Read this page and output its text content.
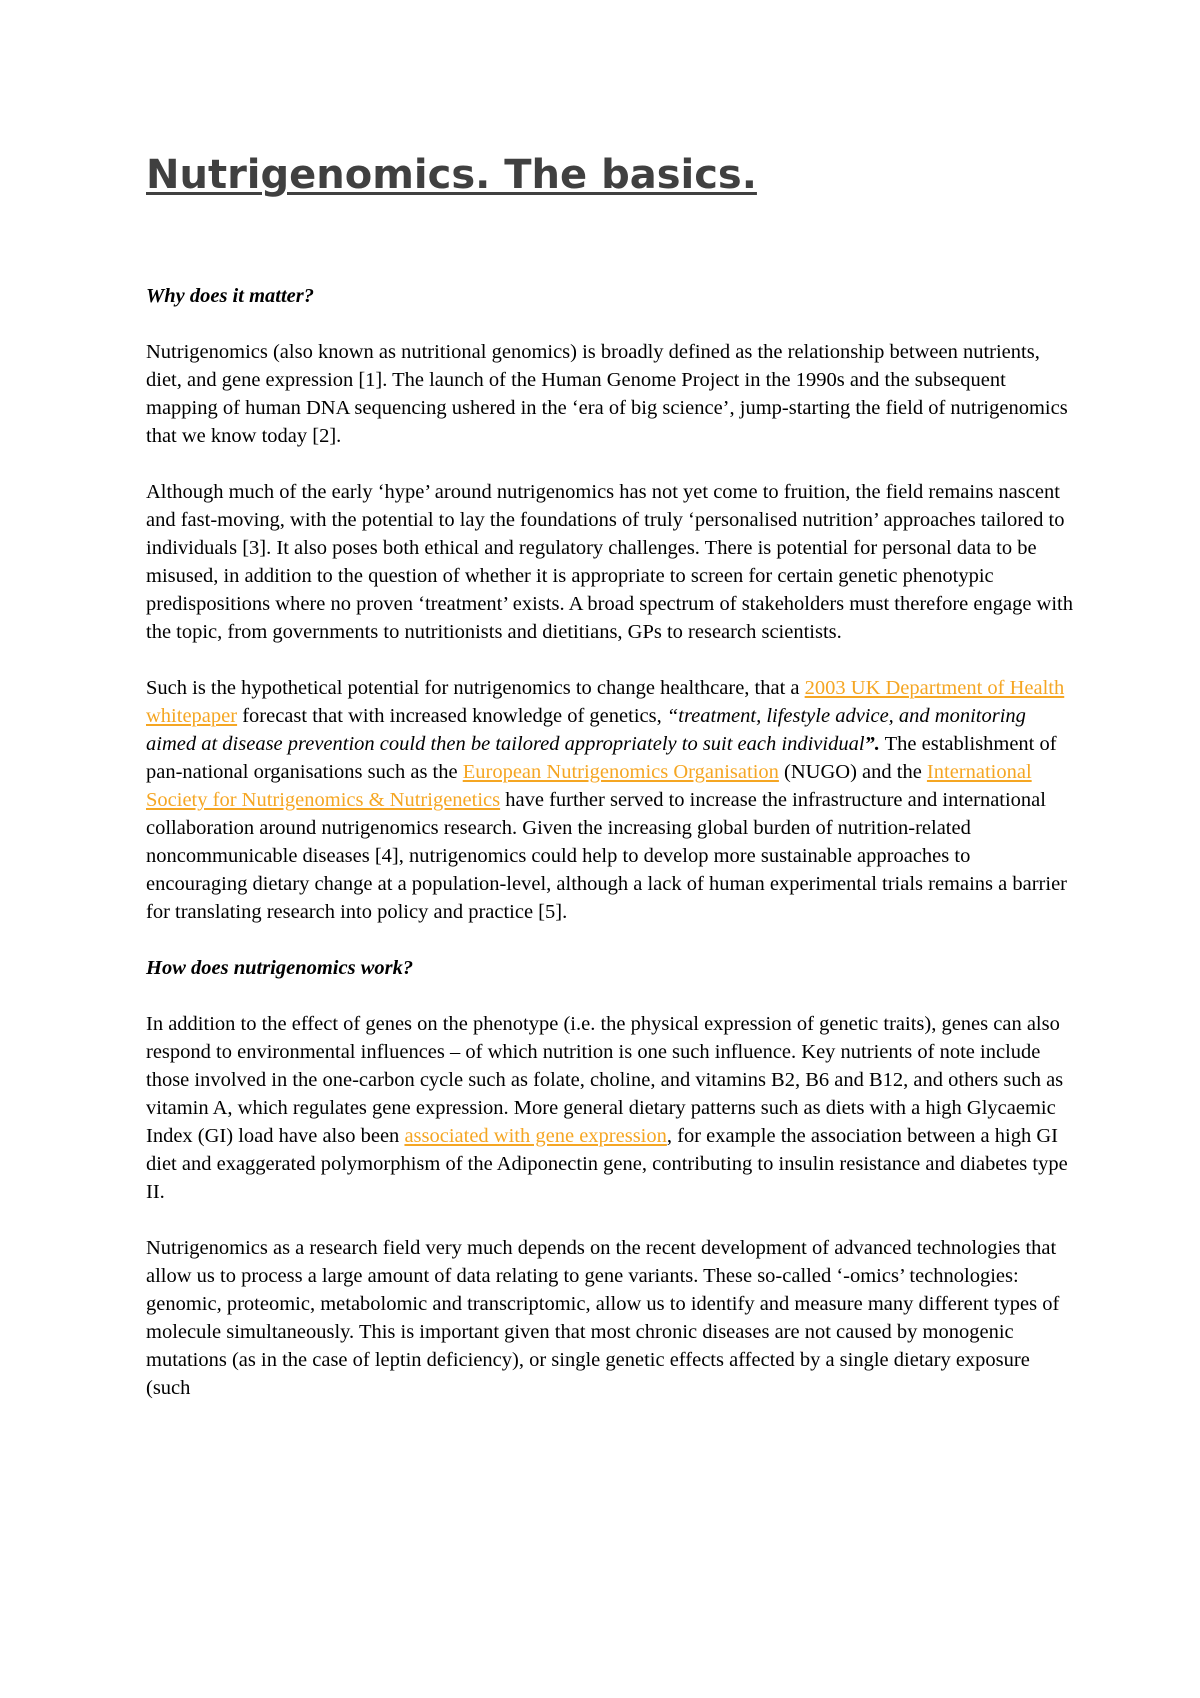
Nutrigenomics. The basics.
Why does it matter?

Nutrigenomics (also known as nutritional genomics) is broadly defined as the relationship between nutrients, diet, and gene expression [1]. The launch of the Human Genome Project in the 1990s and the subsequent mapping of human DNA sequencing ushered in the ‘era of big science’, jump-starting the field of nutrigenomics that we know today [2].

Although much of the early ‘hype’ around nutrigenomics has not yet come to fruition, the field remains nascent and fast-moving, with the potential to lay the foundations of truly ‘personalised nutrition’ approaches tailored to individuals [3]. It also poses both ethical and regulatory challenges. There is potential for personal data to be misused, in addition to the question of whether it is appropriate to screen for certain genetic phenotypic predispositions where no proven ‘treatment’ exists. A broad spectrum of stakeholders must therefore engage with the topic, from governments to nutritionists and dietitians, GPs to research scientists.

Such is the hypothetical potential for nutrigenomics to change healthcare, that a 2003 UK Department of Health whitepaper forecast that with increased knowledge of genetics, “treatment, lifestyle advice, and monitoring aimed at disease prevention could then be tailored appropriately to suit each individual”. The establishment of pan-national organisations such as the European Nutrigenomics Organisation (NUGO) and the International Society for Nutrigenomics & Nutrigenetics have further served to increase the infrastructure and international collaboration around nutrigenomics research. Given the increasing global burden of nutrition-related noncommunicable diseases [4], nutrigenomics could help to develop more sustainable approaches to encouraging dietary change at a population-level, although a lack of human experimental trials remains a barrier for translating research into policy and practice [5].

How does nutrigenomics work?

In addition to the effect of genes on the phenotype (i.e. the physical expression of genetic traits), genes can also respond to environmental influences – of which nutrition is one such influence. Key nutrients of note include those involved in the one-carbon cycle such as folate, choline, and vitamins B2, B6 and B12, and others such as vitamin A, which regulates gene expression. More general dietary patterns such as diets with a high Glycaemic Index (GI) load have also been associated with gene expression, for example the association between a high GI diet and exaggerated polymorphism of the Adiponectin gene, contributing to insulin resistance and diabetes type II.

Nutrigenomics as a research field very much depends on the recent development of advanced technologies that allow us to process a large amount of data relating to gene variants. These so-called ‘-omics’ technologies: genomic, proteomic, metabolomic and transcriptomic, allow us to identify and measure many different types of molecule simultaneously. This is important given that most chronic diseases are not caused by monogenic mutations (as in the case of leptin deficiency), or single genetic effects affected by a single dietary exposure (such
